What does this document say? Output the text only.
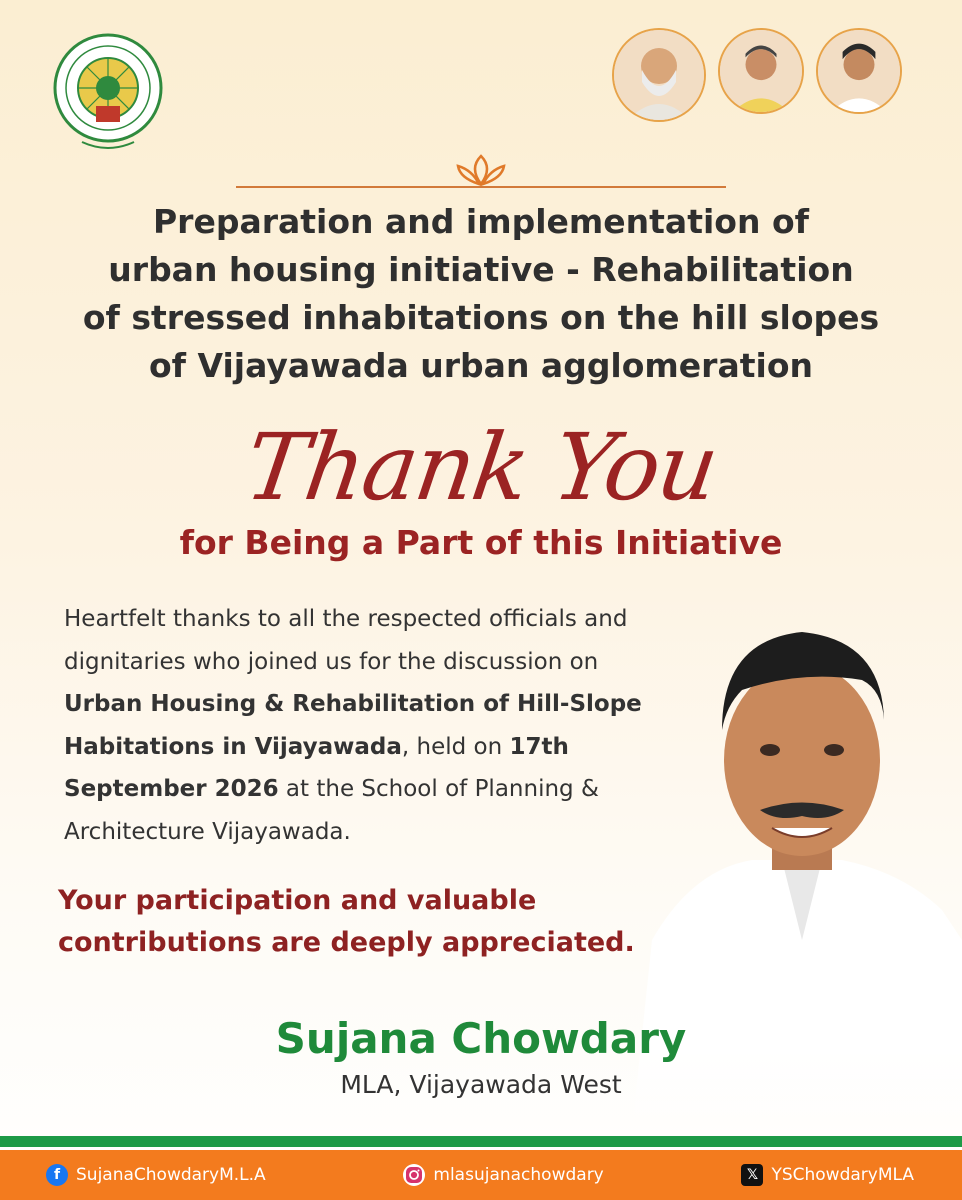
Preparation and implementation of
urban housing initiative - Rehabilitation
of stressed inhabitations on the hill slopes
of Vijayawada urban agglomeration
Thank You
for Being a Part of this Initiative
Heartfelt thanks to all the respected officials and dignitaries who joined us for the discussion on Urban Housing & Rehabilitation of Hill-Slope Habitations in Vijayawada, held on 17th September 2026 at the School of Planning & Architecture Vijayawada.
Your participation and valuable
contributions are deeply appreciated.
Sujana Chowdary
MLA, Vijayawada West
f SujanaChowdaryM.L.A	mlasujanachowdary	𝕏 YSChowdaryMLA
